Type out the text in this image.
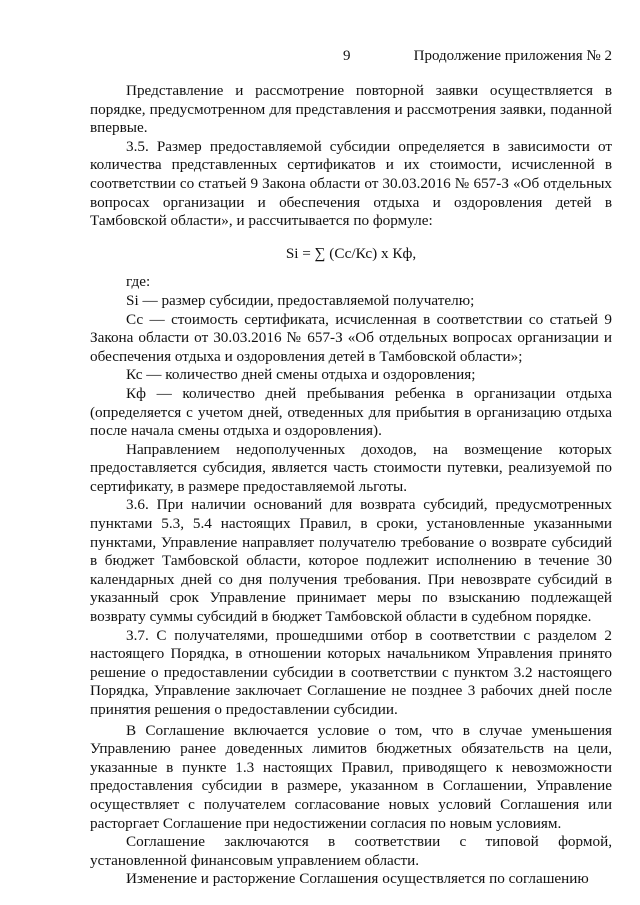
9	Продолжение приложения № 2

Представление и рассмотрение повторной заявки осуществляется в порядке, предусмотренном для представления и рассмотрения заявки, поданной впервые.

3.5. Размер предоставляемой субсидии определяется в зависимости от количества представленных сертификатов и их стоимости, исчисленной в соответствии со статьей 9 Закона области от 30.03.2016 № 657-З «Об отдельных вопросах организации и обеспечения отдыха и оздоровления детей в Тамбовской области», и рассчитывается по формуле:

Si = ∑ (Сс/Кс) х Кф,

где:

Si — размер субсидии, предоставляемой получателю;

Сс — стоимость сертификата, исчисленная в соответствии со статьей 9 Закона области от 30.03.2016 № 657-З «Об отдельных вопросах организации и обеспечения отдыха и оздоровления детей в Тамбовской области»;

Кс — количество дней смены отдыха и оздоровления;

Кф — количество дней пребывания ребенка в организации отдыха (определяется с учетом дней, отведенных для прибытия в организацию отдыха после начала смены отдыха и оздоровления).

Направлением недополученных доходов, на возмещение которых предоставляется субсидия, является часть стоимости путевки, реализуемой по сертификату, в размере предоставляемой льготы.

3.6. При наличии оснований для возврата субсидий, предусмотренных пунктами 5.3, 5.4 настоящих Правил, в сроки, установленные указанными пунктами, Управление направляет получателю требование о возврате субсидий в бюджет Тамбовской области, которое подлежит исполнению в течение 30 календарных дней со дня получения требования. При невозврате субсидий в указанный срок Управление принимает меры по взысканию подлежащей возврату суммы субсидий в бюджет Тамбовской области в судебном порядке.

3.7. С получателями, прошедшими отбор в соответствии с разделом 2 настоящего Порядка, в отношении которых начальником Управления принято решение о предоставлении субсидии в соответствии с пунктом 3.2 настоящего Порядка, Управление заключает Соглашение не позднее 3 рабочих дней после принятия решения о предоставлении субсидии.

В Соглашение включается условие о том, что в случае уменьшения Управлению ранее доведенных лимитов бюджетных обязательств на цели, указанные в пункте 1.3 настоящих Правил, приводящего к невозможности предоставления субсидии в размере, указанном в Соглашении, Управление осуществляет с получателем согласование новых условий Соглашения или расторгает Соглашение при недостижении согласия по новым условиям.

Соглашение заключаются в соответствии с типовой формой, установленной финансовым управлением области.

Изменение и расторжение Соглашения осуществляется по соглашению
